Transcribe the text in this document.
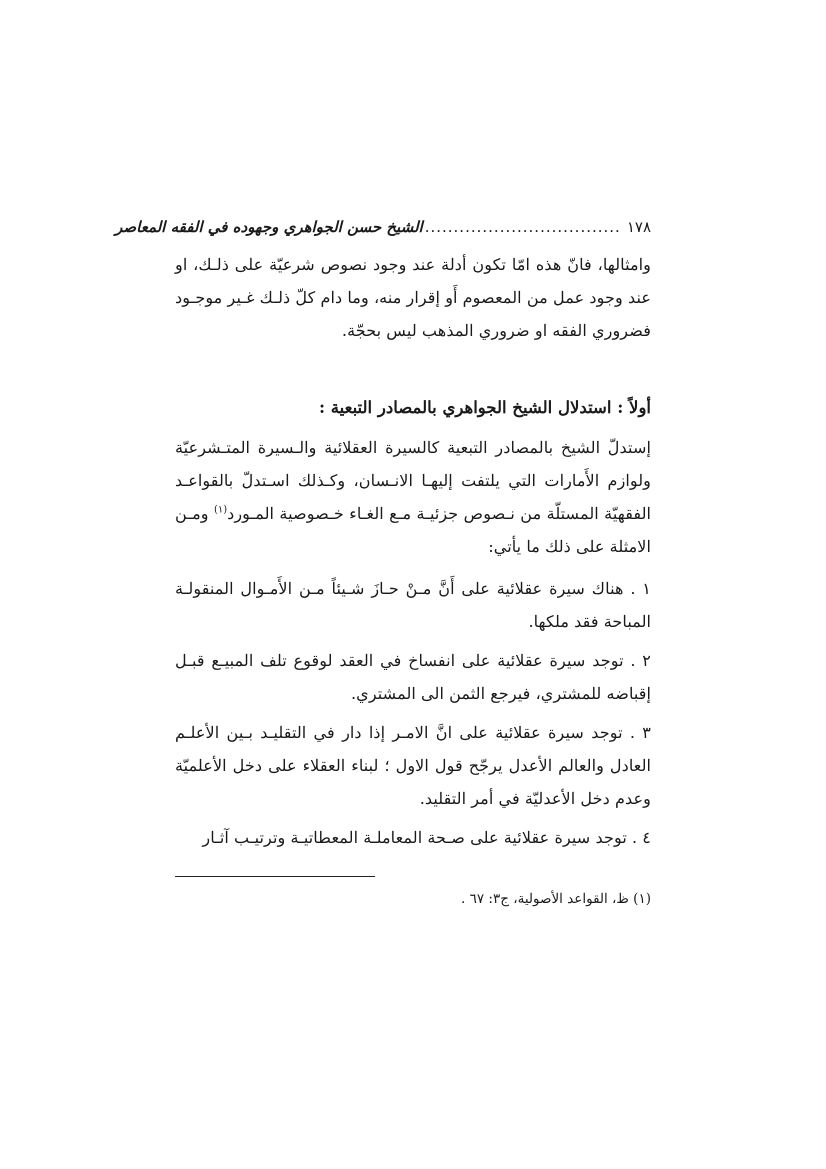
١٧٨
..................................
الشيخ حسن الجواهري وجهوده في الفقه المعاصر

وامثالها، فانّ هذه امّا تكون أدلة عند وجود نصوص شرعيّة على ذلـك، او عند وجود عمل من المعصوم أَو إقرار منه، وما دام كلّ ذلـك غـير موجـود فضروري الفقه او ضروري المذهب ليس بحجّة.

أولاً : استدلال الشيخ الجواهري بالمصادر التبعية :

إستدلّ الشيخ بالمصادر التبعية كالسيرة العقلائية والـسيرة المتـشرعيّة ولوازم الأَمارات التي يلتفت إليهـا الانـسان، وكـذلك اسـتدلّ بالقواعـد الفقهيّة المستلّة من نـصوص جزئيـة مـع الغـاء خـصوصية المـورد$^{(١)}$ ومـن الامثلة على ذلك ما يأتي:

١ . هناك سيرة عقلائية على أَنَّ مـنْ حـازَ شـيئاً مـن الأَمـوال المنقولـة المباحة فقد ملكها.

٢ . توجد سيرة عقلائية على انفساخ في العقد لوقوع تلف المبيـع قبـل إقباضه للمشتري، فيرجع الثمن الى المشتري.

٣ . توجد سيرة عقلائية على انَّ الامـر إذا دار في التقليـد بـين الأعلـم العادل والعالم الأعدل يرجّح قول الاول ؛ لبناء العقلاء على دخل الأعلميّة وعدم دخل الأعدليّة في أمر التقليد.

٤ . توجد سيرة عقلائية على صـحة المعاملـة المعطاتيـة وترتيـب آثـار

(١) ظ، القواعد الأصولية، ج٣: ٦٧ .
